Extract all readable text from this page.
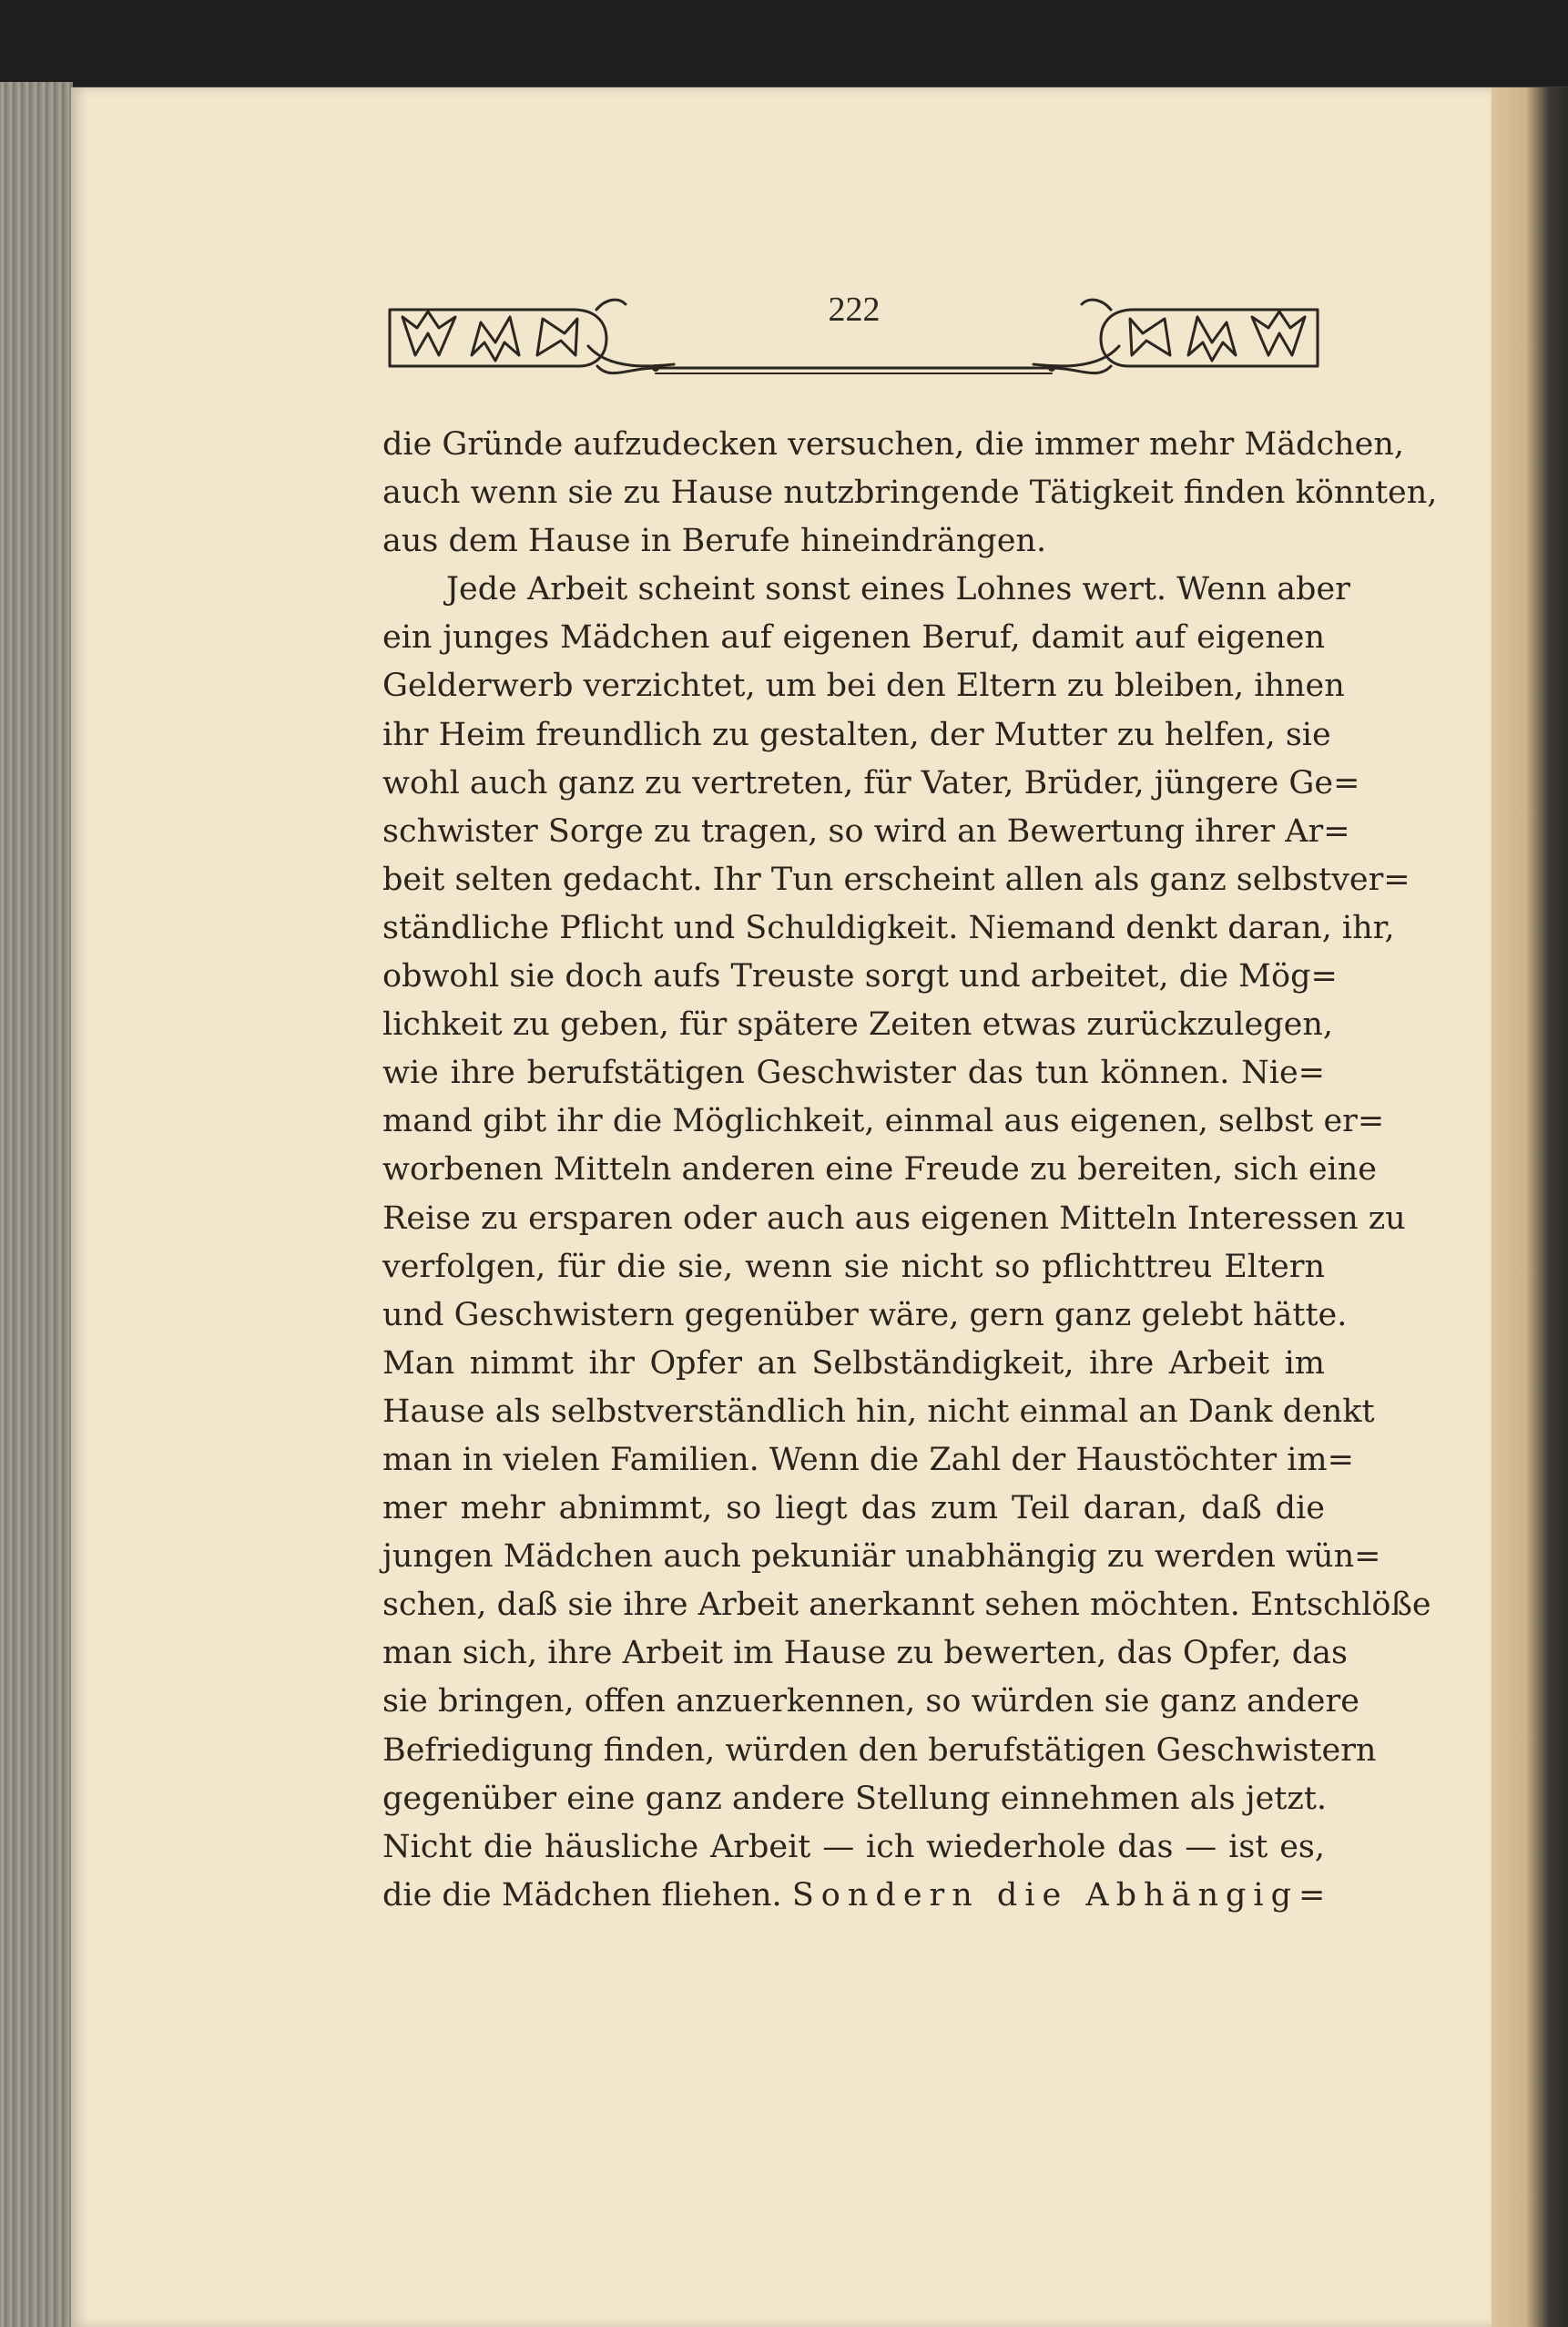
222
die Gründe aufzudecken versuchen, die immer mehr Mädchen,
auch wenn sie zu Hause nutzbringende Tätigkeit finden könnten,
aus dem Hause in Berufe hineindrängen.
Jede Arbeit scheint sonst eines Lohnes wert. Wenn aber
ein junges Mädchen auf eigenen Beruf, damit auf eigenen
Gelderwerb verzichtet, um bei den Eltern zu bleiben, ihnen
ihr Heim freundlich zu gestalten, der Mutter zu helfen, sie
wohl auch ganz zu vertreten, für Vater, Brüder, jüngere Ge=
schwister Sorge zu tragen, so wird an Bewertung ihrer Ar=
beit selten gedacht. Ihr Tun erscheint allen als ganz selbstver=
ständliche Pflicht und Schuldigkeit. Niemand denkt daran, ihr,
obwohl sie doch aufs Treuste sorgt und arbeitet, die Mög=
lichkeit zu geben, für spätere Zeiten etwas zurückzulegen,
wie ihre berufstätigen Geschwister das tun können. Nie=
mand gibt ihr die Möglichkeit, einmal aus eigenen, selbst er=
worbenen Mitteln anderen eine Freude zu bereiten, sich eine
Reise zu ersparen oder auch aus eigenen Mitteln Interessen zu
verfolgen, für die sie, wenn sie nicht so pflichttreu Eltern
und Geschwistern gegenüber wäre, gern ganz gelebt hätte.
Man nimmt ihr Opfer an Selbständigkeit, ihre Arbeit im
Hause als selbstverständlich hin, nicht einmal an Dank denkt
man in vielen Familien. Wenn die Zahl der Haustöchter im=
mer mehr abnimmt, so liegt das zum Teil daran, daß die
jungen Mädchen auch pekuniär unabhängig zu werden wün=
schen, daß sie ihre Arbeit anerkannt sehen möchten. Entschlöße
man sich, ihre Arbeit im Hause zu bewerten, das Opfer, das
sie bringen, offen anzuerkennen, so würden sie ganz andere
Befriedigung finden, würden den berufstätigen Geschwistern
gegenüber eine ganz andere Stellung einnehmen als jetzt.
Nicht die häusliche Arbeit — ich wiederhole das — ist es,
die die Mädchen fliehen. Sondern die Abhängig=
